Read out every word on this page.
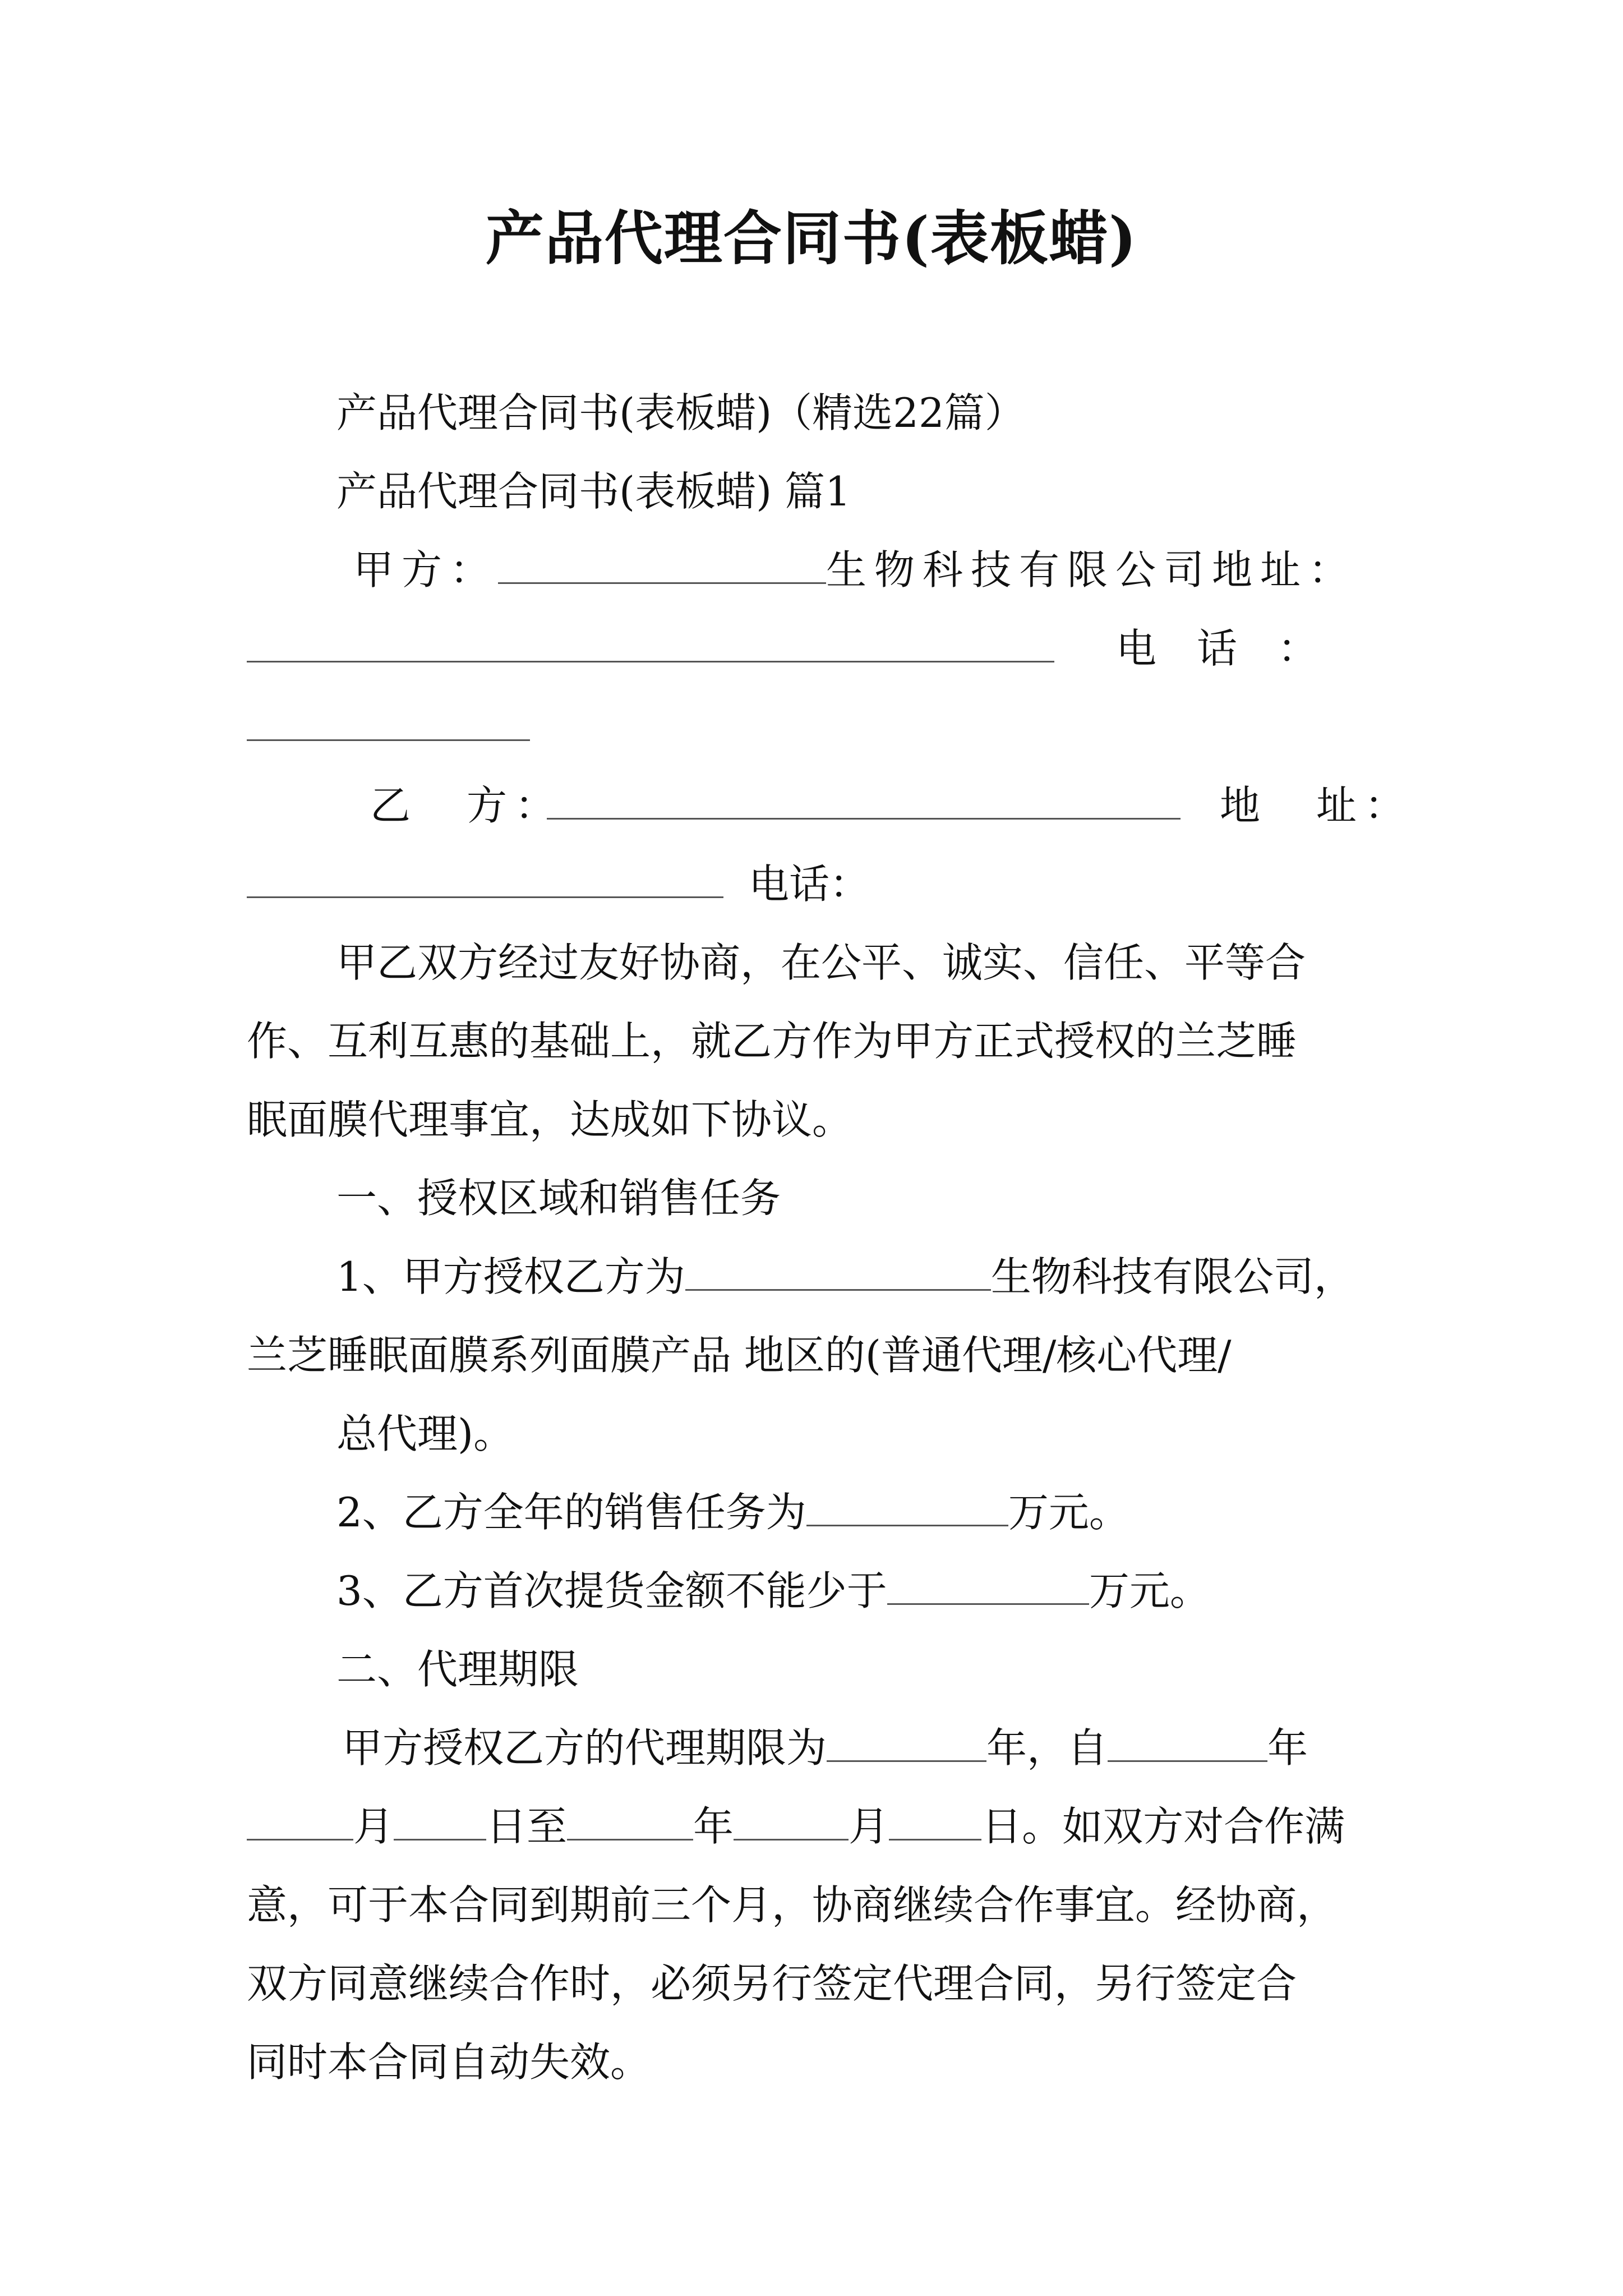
产品代理合同书(表板蜡)
产品代理合同书(表板蜡)（精选22篇）
产品代理合同书(表板蜡) 篇1
甲方：	生物科技有限公司地址：
电　话　：
乙　方：	地　址：
电话：
甲乙双方经过友好协商，在公平、诚实、信任、平等合
作、互利互惠的基础上，就乙方作为甲方正式授权的兰芝睡
眠面膜代理事宜，达成如下协议。
一、授权区域和销售任务
1、甲方授权乙方为	生物科技有限公司，
兰芝睡眠面膜系列面膜产品 地区的(普通代理/核心代理/
总代理)。
2、乙方全年的销售任务为	万元。
3、乙方首次提货金额不能少于	万元。
二、代理期限
甲方授权乙方的代理期限为	年，自	年
月 日至	年	月 日。如双方对合作满
意，可于本合同到期前三个月，协商继续合作事宜。经协商，
双方同意继续合作时，必须另行签定代理合同，另行签定合
同时本合同自动失效。
